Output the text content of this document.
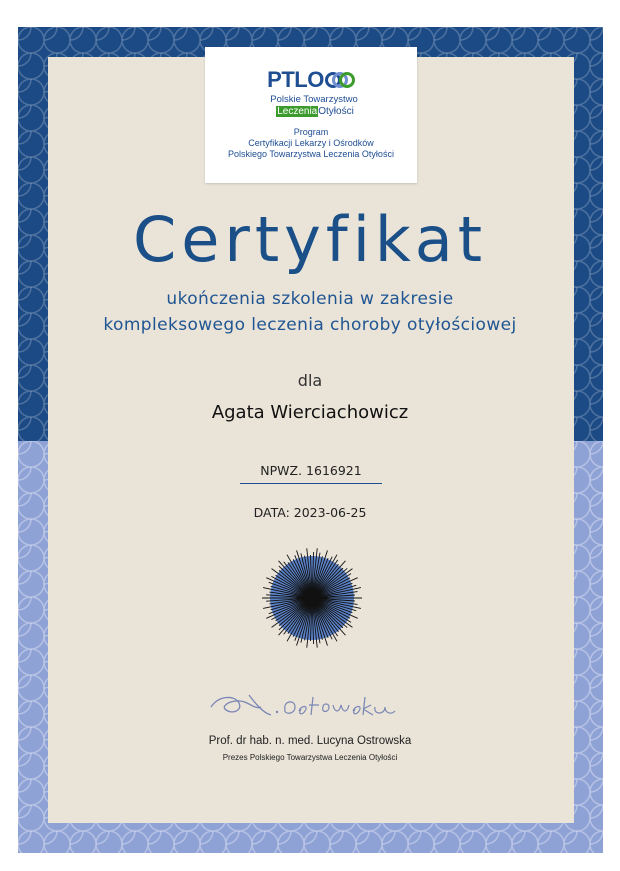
PTLO
Polskie Towarzystwo
LeczeniaOtyłości
Program
Certyfikacji Lekarzy i Ośrodków
Polskiego Towarzystwa Leczenia Otyłości
Certyfikat
ukończenia szkolenia w zakresie
kompleksowego leczenia choroby otyłościowej
dla
Agata Wierciachowicz
NPWZ. 1616921
DATA: 2023-06-25
Prof. dr hab. n. med. Lucyna Ostrowska
Prezes Polskiego Towarzystwa Leczenia Otyłości
